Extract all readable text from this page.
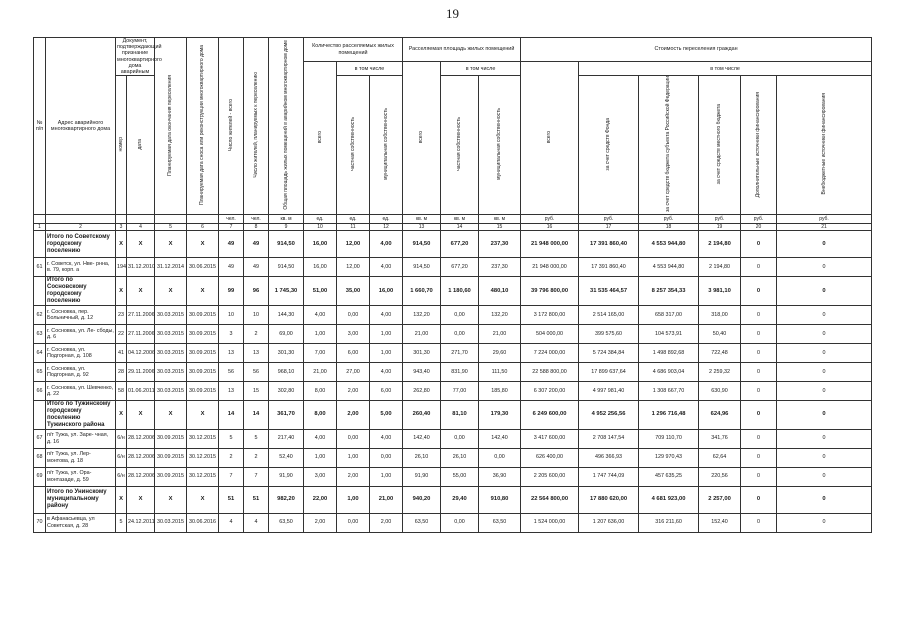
19
№ п/п	Адрес аварийного многоквартирного дома	Документ, подтверждающий признание многоквартирного дома аварийным		Планируемая дата окончания переселения	Планируемая дата сноса или реконструкции многоквартирного дома	Число жителей - всего	Число жителей, планируемых к переселению	Общая площадь жилых помещений в аварийном многоквартирном доме	Количество расселяемых жилых помещений			Расселяемая площадь жилых помещений			Стоимость переселения граждан					
									всего	в том числе		всего	в том числе		всего	в том числе				
		номер	дата							частная собственность	муниципальная собственность		частная собственность	муниципальная собственность		за счет средств Фонда	за счет средств бюджета субъекта Российской Федерации	за счет средств местного бюджета	Дополнительные источники финансирования	Внебюджетные источники финансирования
						чел.	чел.	кв. м	ед.	ед.	ед.	кв. м	кв. м	кв. м	руб.	руб.	руб.	руб.	руб.	руб.
1	2	3	4	5	6	7	8	9	10	11	12	13	14	15	16	17	18	19	20	21
	Итого по Советскому городскому поселению	X	X	X	X	49	49	914,50	16,00	12,00	4,00	914,50	677,20	237,30	21 948 000,00	17 391 860,40	4 553 944,80	2 194,80	0	0
61	г. Советск, ул. Нве- рнна, в. 79, корп. а	194	31.12.2010	31.12.2014	30.06.2015	49	49	914,50	16,00	12,00	4,00	914,50	677,20	237,30	21 948 000,00	17 391 860,40	4 553 944,80	2 194,80	0	0
	Итого по Сосновскому городскому поселению	X	X	X	X	99	96	1 745,30	51,00	35,00	16,00	1 660,70	1 180,60	480,10	39 796 800,00	31 535 464,57	8 257 354,33	3 981,10	0	0
62	г. Сосновка, пер. Больничный, д. 12	23	27.11.2006	30.03.2015	30.09.2015	10	10	144,30	4,00	0,00	4,00	132,20	0,00	132,20	3 172 800,00	2 514 165,00	658 317,00	318,00	0	0
63	г. Сосновка, ул. Ле- сбоды, д. 6	22	27.11.2006	30.03.2015	30.09.2015	3	2	69,00	1,00	3,00	1,00	21,00	0,00	21,00	504 000,00	399 575,60	104 573,91	50,40	0	0
64	г. Сосновка, ул. Подгорная, д. 108	41	04.12.2006	30.03.2015	30.09.2015	13	13	301,30	7,00	6,00	1,00	301,30	271,70	29,60	7 224 000,00	5 724 384,84	1 498 892,68	722,48	0	0
65	г. Сосновка, ул. Подгорная, д. 92	28	29.11.2006	30.03.2015	30.09.2015	56	56	968,10	21,00	27,00	4,00	943,40	831,90	111,50	22 588 800,00	17 899 637,64	4 686 903,04	2 259,32	0	0
66	г. Сосновка, ул. Шевченко, д. 22	58	01.06.2011	30.03.2015	30.09.2015	13	15	302,80	8,00	2,00	6,00	262,80	77,00	185,80	6 307 200,00	4 997 981,40	1 308 667,70	630,90	0	0
	Итого по Тужинскому городскому поселению Тужинского района	X	X	X	X	14	14	361,70	8,00	2,00	5,00	260,40	81,10	179,30	6 249 600,00	4 952 256,56	1 296 716,48	624,96	0	0
67	п/т Тужа, ул. Заре- чная, д. 16	6/н	28.12.2006	30.09.2015	30.12.2015	5	5	217,40	4,00	0,00	4,00	142,40	0,00	142,40	3 417 600,00	2 708 147,54	709 110,70	341,76	0	0
68	п/т Тужа, ул. Лер- монтова, д. 18	6/н	28.12.2006	30.09.2015	30.12.2015	2	2	52,40	1,00	1,00	0,00	26,10	26,10	0,00	626 400,00	496 366,93	129 970,43	62,64	0	0
69	п/т Тужа, ул. Ора- монтазаде, д. 59	6/н	28.12.2006	30.09.2015	30.12.2015	7	7	91,90	3,00	2,00	1,00	91,90	55,00	36,90	2 205 600,00	1 747 744,09	457 635,25	220,56	0	0
	Итого по Унинскому муниципальному району	X	X	X	X	51	51	982,20	22,00	1,00	21,00	940,20	29,40	910,80	22 564 800,00	17 880 620,00	4 681 923,00	2 257,00	0	0
70	в Афанасьевца, ул Советская, д. 28	5	24.12.2011	30.03.2015	30.06.2016	4	4	63,50	2,00	0,00	2,00	63,50	0,00	63,50	1 524 000,00	1 207 636,00	316 211,60	152,40	0	0
